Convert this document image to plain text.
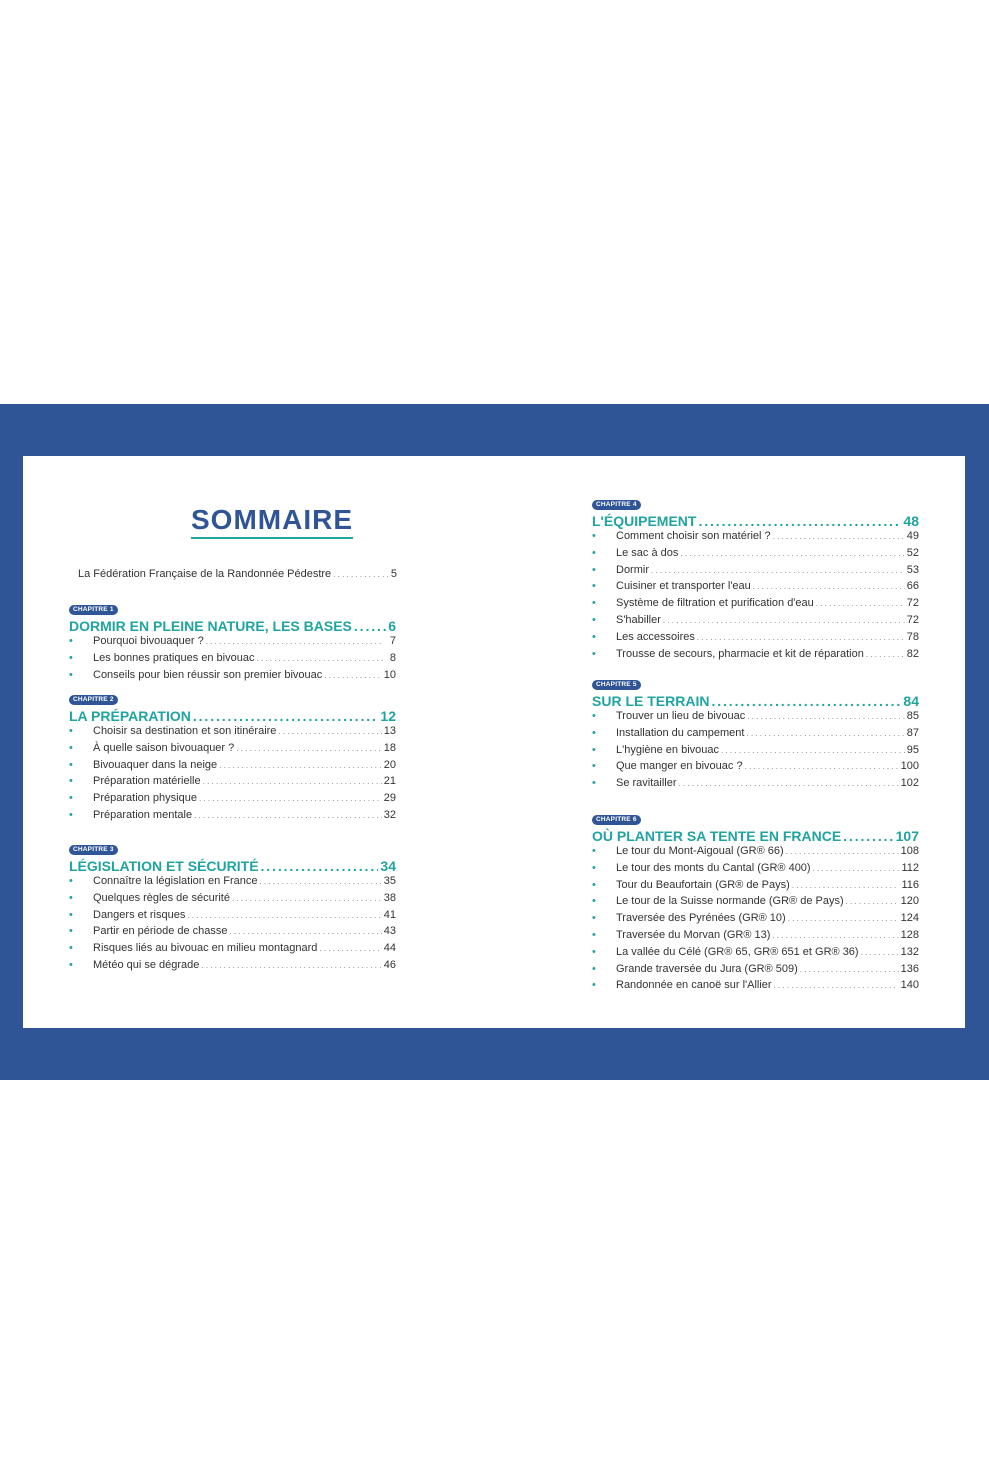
SOMMAIRE
La Fédération Française de la Randonnée Pédestre . . .	5
CHAPITRE 1
DORMIR EN PLEINE NATURE, LES BASES . . .	6
• Pourquoi bivouaquer ? . . .	7
• Les bonnes pratiques en bivouac . . .	8
• Conseils pour bien réussir son premier bivouac . . .	10
CHAPITRE 2
LA PRÉPARATION . . .	12
• Choisir sa destination et son itinéraire . . .	13
• À quelle saison bivouaquer ? . . .	18
• Bivouaquer dans la neige . . .	20
• Préparation matérielle . . .	21
• Préparation physique . . .	29
• Préparation mentale . . .	32
CHAPITRE 3
LÉGISLATION ET SÉCURITÉ . . .	34
• Connaître la législation en France . . .	35
• Quelques règles de sécurité . . .	38
• Dangers et risques . . .	41
• Partir en période de chasse . . .	43
• Risques liés au bivouac en milieu montagnard . . .	44
• Météo qui se dégrade . . .	46
CHAPITRE 4
L'ÉQUIPEMENT . . .	48
• Comment choisir son matériel ? . . .	49
• Le sac à dos . . .	52
• Dormir . . .	53
• Cuisiner et transporter l'eau . . .	66
• Système de filtration et purification d'eau . . .	72
• S'habiller . . .	72
• Les accessoires . . .	78
• Trousse de secours, pharmacie et kit de réparation . . .	82
CHAPITRE 5
SUR LE TERRAIN . . .	84
• Trouver un lieu de bivouac . . .	85
• Installation du campement . . .	87
• L'hygiène en bivouac . . .	95
• Que manger en bivouac ? . . .	100
• Se ravitailler . . .	102
CHAPITRE 6
OÙ PLANTER SA TENTE EN FRANCE . . .	107
• Le tour du Mont-Aigoual (GR® 66) . . .	108
• Le tour des monts du Cantal (GR® 400) . . .	112
• Tour du Beaufortain (GR® de Pays) . . .	116
• Le tour de la Suisse normande (GR® de Pays) . . .	120
• Traversée des Pyrénées (GR® 10) . . .	124
• Traversée du Morvan (GR® 13) . . .	128
• La vallée du Célé (GR® 65, GR® 651 et GR® 36) . . .	132
• Grande traversée du Jura (GR® 509) . . .	136
• Randonnée en canoë sur l'Allier . . .	140
